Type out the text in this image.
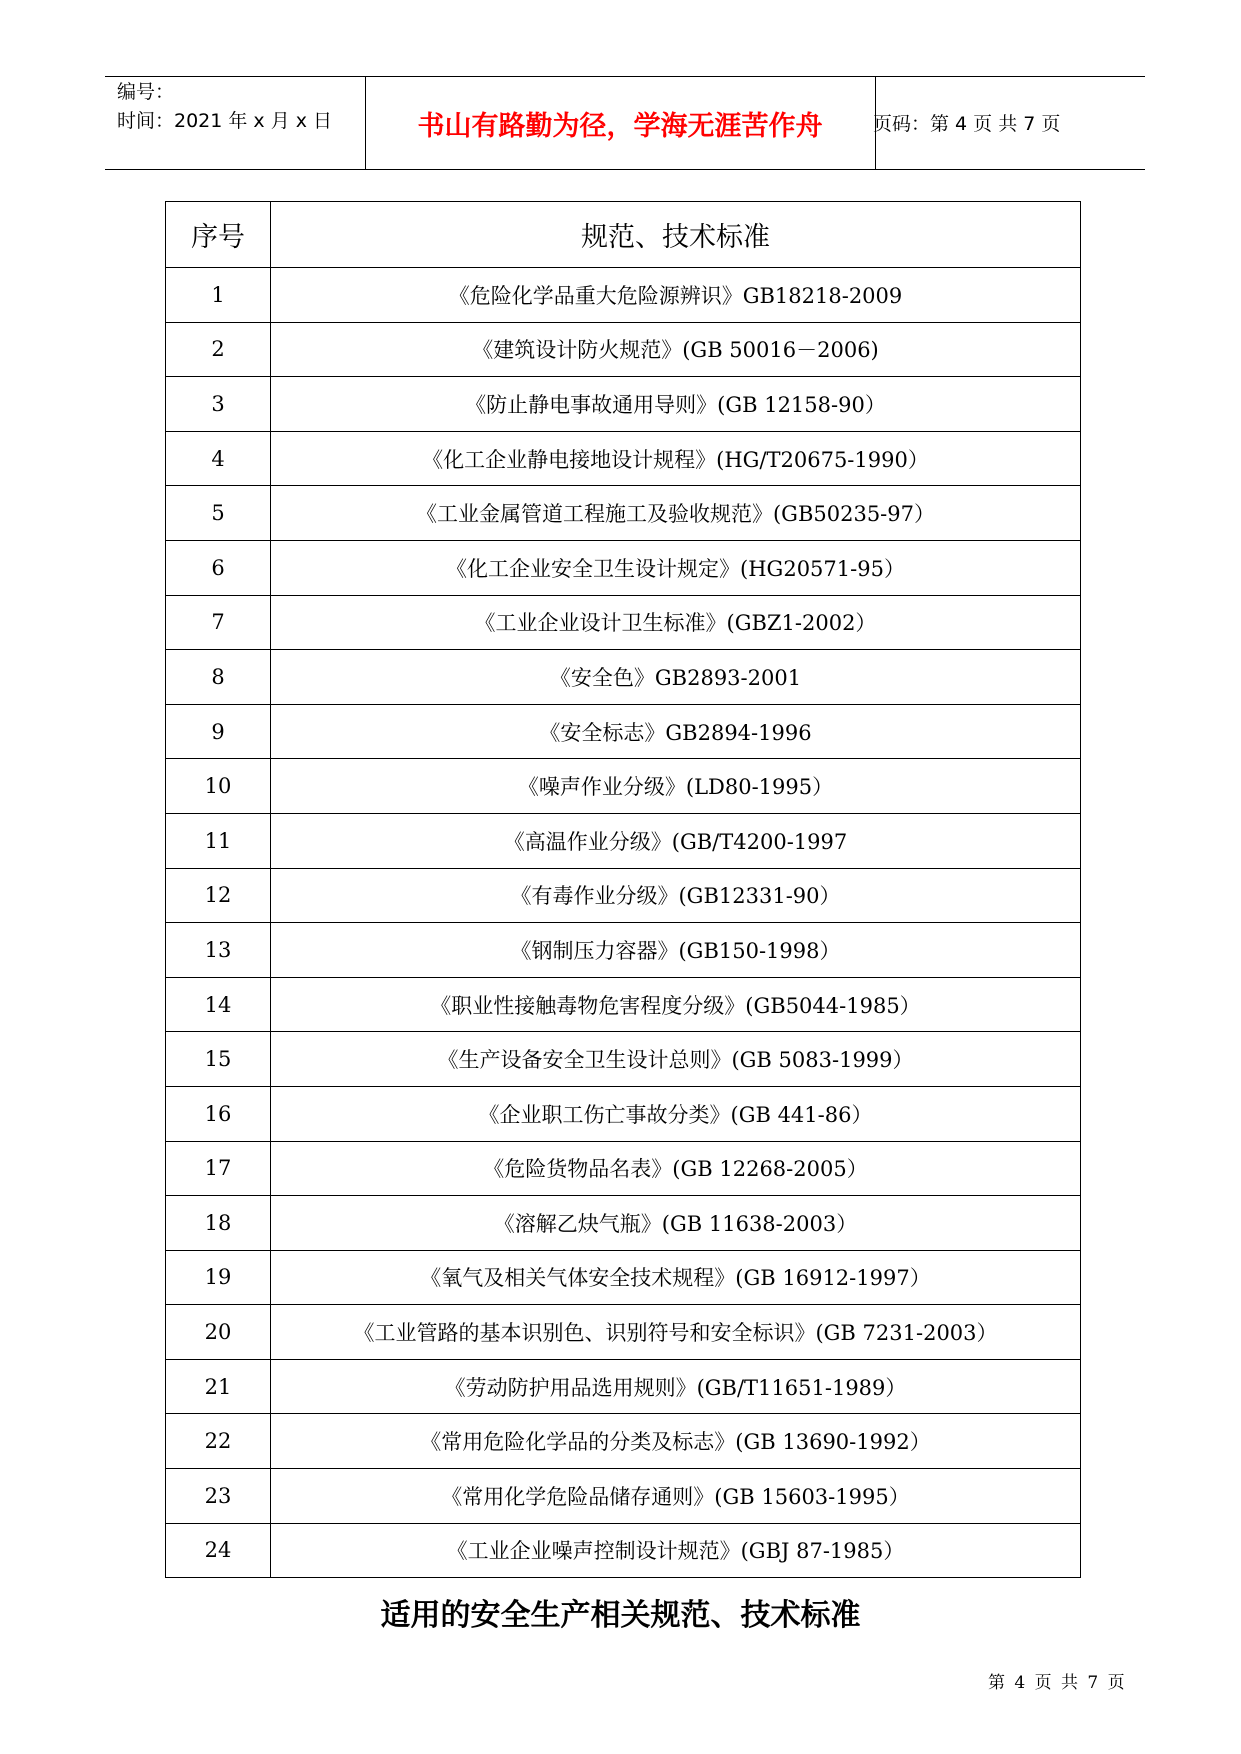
编号：
时间：2021 年 x 月 x 日	书山有路勤为径，学海无涯苦作舟	页码：第 4 页 共 7 页
序号	规范、技术标准
1	《危险化学品重大危险源辨识》GB18218-2009
2	《建筑设计防火规范》(GB 50016－2006)
3	《防止静电事故通用导则》(GB 12158-90）
4	《化工企业静电接地设计规程》(HG/T20675-1990）
5	《工业金属管道工程施工及验收规范》(GB50235-97）
6	《化工企业安全卫生设计规定》(HG20571-95）
7	《工业企业设计卫生标准》(GBZ1-2002）
8	《安全色》GB2893-2001
9	《安全标志》GB2894-1996
10	《噪声作业分级》(LD80-1995）
11	《高温作业分级》(GB/T4200-1997
12	《有毒作业分级》(GB12331-90）
13	《钢制压力容器》(GB150-1998）
14	《职业性接触毒物危害程度分级》(GB5044-1985）
15	《生产设备安全卫生设计总则》(GB 5083-1999）
16	《企业职工伤亡事故分类》(GB 441-86）
17	《危险货物品名表》(GB 12268-2005）
18	《溶解乙炔气瓶》(GB 11638-2003）
19	《氧气及相关气体安全技术规程》(GB 16912-1997）
20	《工业管路的基本识别色、识别符号和安全标识》(GB 7231-2003）
21	《劳动防护用品选用规则》(GB/T11651-1989）
22	《常用危险化学品的分类及标志》(GB 13690-1992）
23	《常用化学危险品储存通则》(GB 15603-1995）
24	《工业企业噪声控制设计规范》(GBJ 87-1985）
适用的安全生产相关规范、技术标准
第 4 页 共 7 页
